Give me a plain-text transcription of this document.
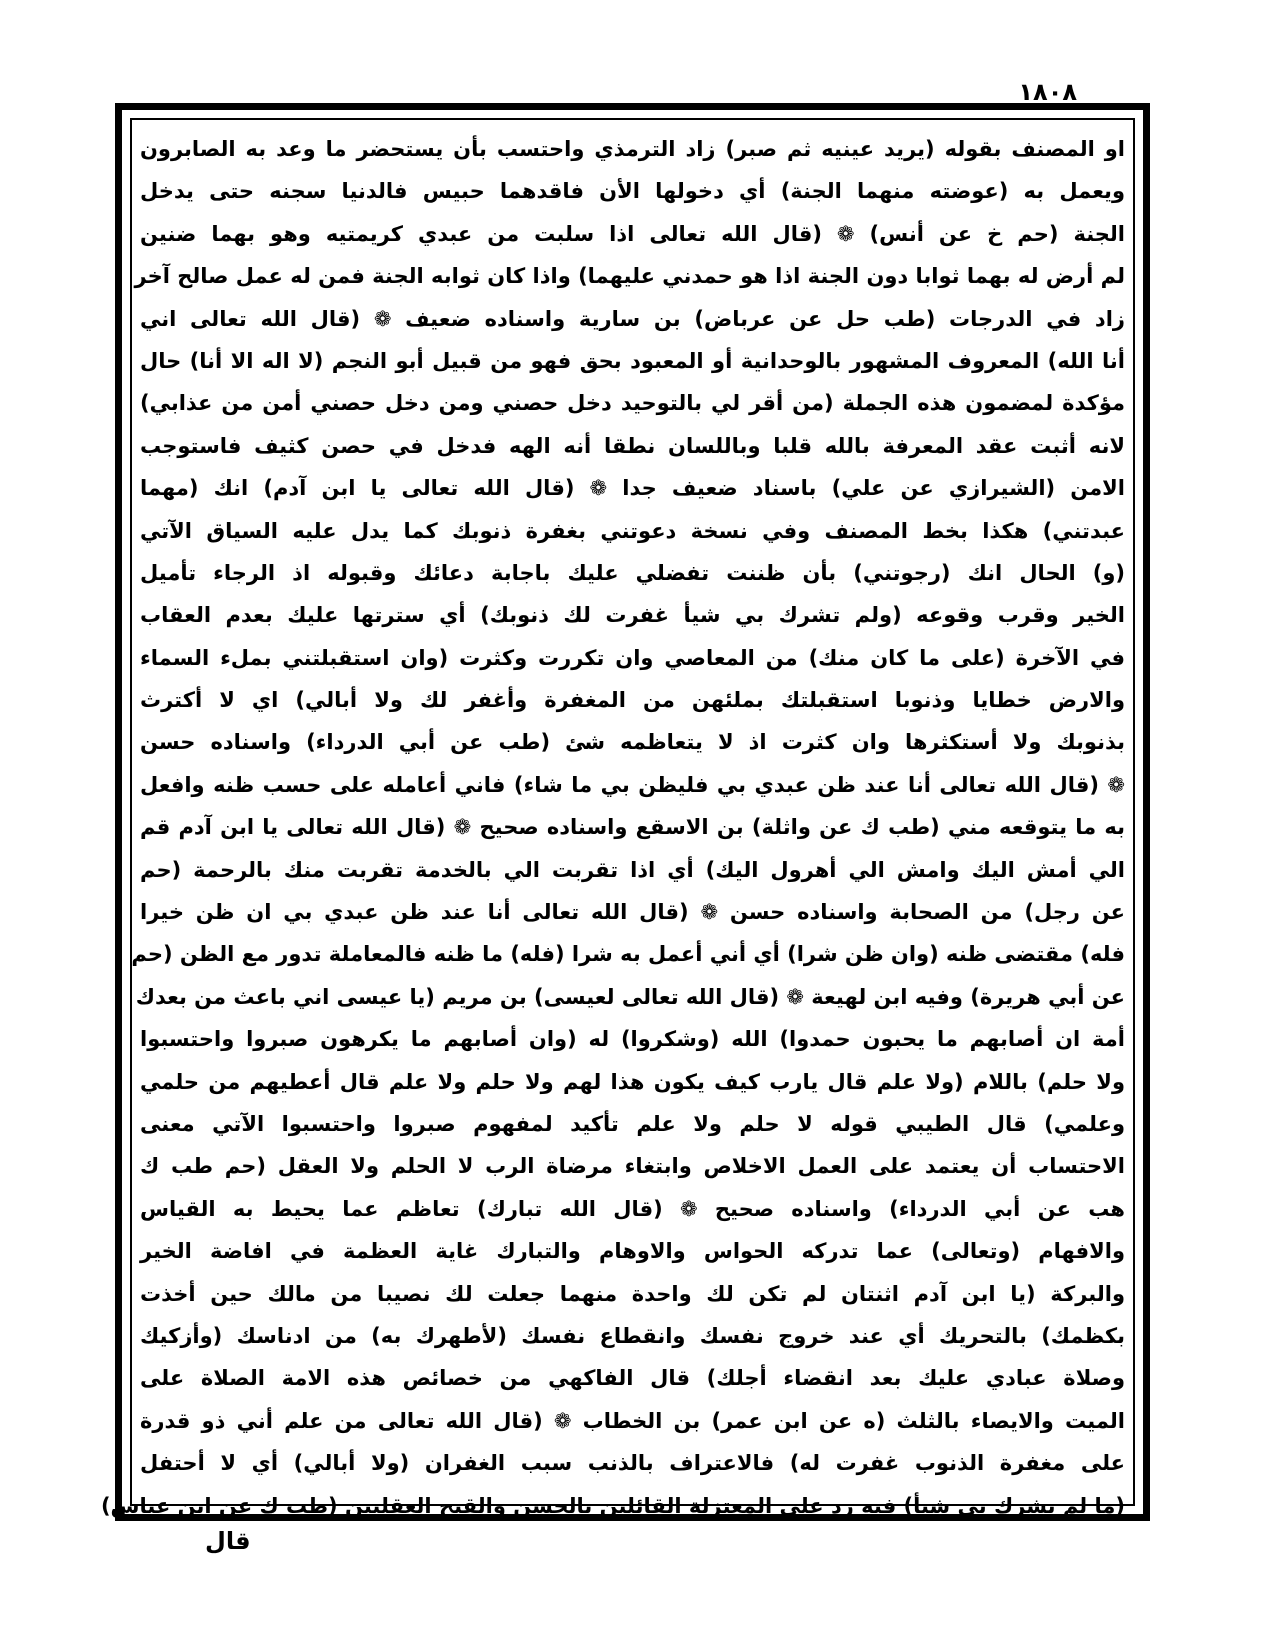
١٨٠٨
او المصنف بقوله (يريد عينيه ثم صبر) زاد الترمذي واحتسب بأن يستحضر ما وعد به الصابرون
ويعمل به (عوضته منهما الجنة) أي دخولها الأن فاقدهما حبيس فالدنيا سجنه حتى يدخل
الجنة (حم خ عن أنس) ❁ (قال الله تعالى اذا سلبت من عبدي كريمتيه وهو بهما ضنين
لم أرض له بهما ثوابا دون الجنة اذا هو حمدني عليهما) واذا كان ثوابه الجنة فمن له عمل صالح آخر
زاد في الدرجات (طب حل عن عرباض) بن سارية واسناده ضعيف ❁ (قال الله تعالى اني
أنا الله) المعروف المشهور بالوحدانية أو المعبود بحق فهو من قبيل أبو النجم (لا اله الا أنا) حال
مؤكدة لمضمون هذه الجملة (من أقر لي بالتوحيد دخل حصني ومن دخل حصني أمن من عذابي)
لانه أثبت عقد المعرفة بالله قلبا وباللسان نطقا أنه الهه فدخل في حصن كثيف فاستوجب
الامن (الشيرازي عن علي) باسناد ضعيف جدا ❁ (قال الله تعالى يا ابن آدم) انك (مهما
عبدتني) هكذا بخط المصنف وفي نسخة دعوتني بغفرة ذنوبك كما يدل عليه السياق الآتي
(و) الحال انك (رجوتني) بأن ظننت تفضلي عليك باجابة دعائك وقبوله اذ الرجاء تأميل
الخير وقرب وقوعه (ولم تشرك بي شيأ غفرت لك ذنوبك) أي سترتها عليك بعدم العقاب
في الآخرة (على ما كان منك) من المعاصي وان تكررت وكثرت (وان استقبلتني بملء السماء
والارض خطايا وذنوبا استقبلتك بملئهن من المغفرة وأغفر لك ولا أبالي) اي لا أكترث
بذنوبك ولا أستكثرها وان كثرت اذ لا يتعاظمه شئ (طب عن أبي الدرداء) واسناده حسن
❁ (قال الله تعالى أنا عند ظن عبدي بي فليظن بي ما شاء) فاني أعامله على حسب ظنه وافعل
به ما يتوقعه مني (طب ك عن واثلة) بن الاسقع واسناده صحيح ❁ (قال الله تعالى يا ابن آدم قم
الي أمش اليك وامش الي أهرول اليك) أي اذا تقربت الي بالخدمة تقربت منك بالرحمة (حم
عن رجل) من الصحابة واسناده حسن ❁ (قال الله تعالى أنا عند ظن عبدي بي ان ظن خيرا
فله) مقتضى ظنه (وان ظن شرا) أي أني أعمل به شرا (فله) ما ظنه فالمعاملة تدور مع الظن (حم
عن أبي هريرة) وفيه ابن لهيعة ❁ (قال الله تعالى لعيسى) بن مريم (يا عيسى اني باعث من بعدك
أمة ان أصابهم ما يحبون حمدوا) الله (وشكروا) له (وان أصابهم ما يكرهون صبروا واحتسبوا
ولا حلم) باللام (ولا علم قال يارب كيف يكون هذا لهم ولا حلم ولا علم قال أعطيهم من حلمي
وعلمي) قال الطيبي قوله لا حلم ولا علم تأكيد لمفهوم صبروا واحتسبوا الآتي معنى
الاحتساب أن يعتمد على العمل الاخلاص وابتغاء مرضاة الرب لا الحلم ولا العقل (حم طب ك
هب عن أبي الدرداء) واسناده صحيح ❁ (قال الله تبارك) تعاظم عما يحيط به القياس
والافهام (وتعالى) عما تدركه الحواس والاوهام والتبارك غاية العظمة في افاضة الخير
والبركة (يا ابن آدم اثنتان لم تكن لك واحدة منهما جعلت لك نصيبا من مالك حين أخذت
بكظمك) بالتحريك أي عند خروج نفسك وانقطاع نفسك (لأطهرك به) من ادناسك (وأزكيك
وصلاة عبادي عليك بعد انقضاء أجلك) قال الفاكهي من خصائص هذه الامة الصلاة على
الميت والايصاء بالثلث (ه عن ابن عمر) بن الخطاب ❁ (قال الله تعالى من علم أني ذو قدرة
على مغفرة الذنوب غفرت له) فالاعتراف بالذنب سبب الغفران (ولا أبالي) أي لا أحتفل
(ما لم يشرك بي شيأ) فيه رد على المعتزلة القائلين بالحسن والقبح العقليين (طب ك عن ابن عباس)
قال
